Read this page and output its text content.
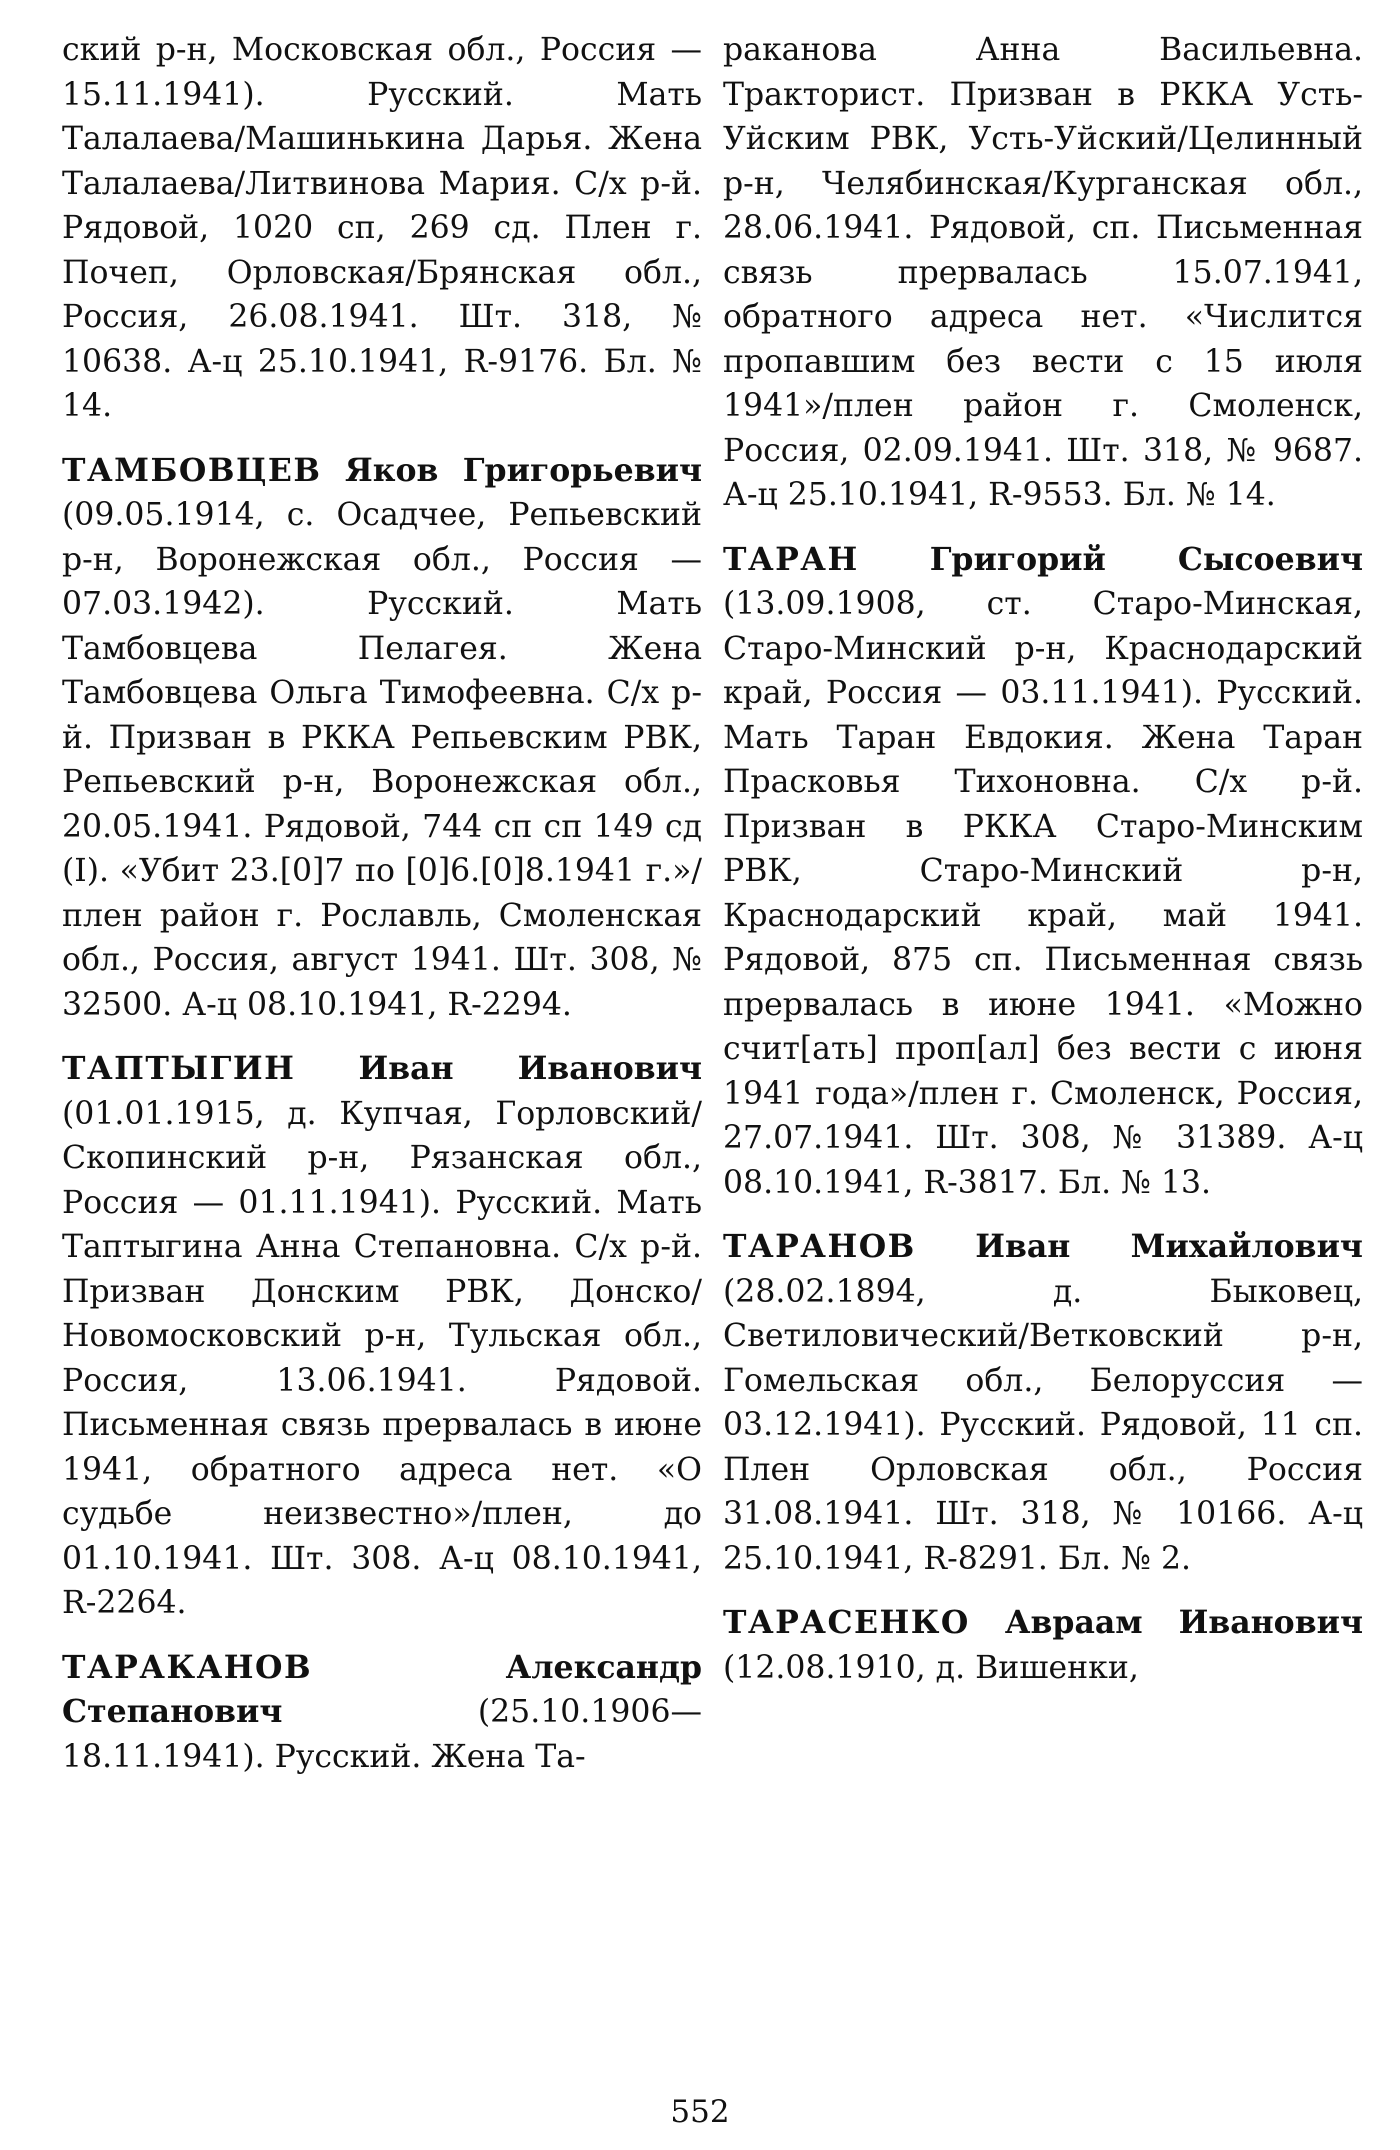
ский р-н, Московская обл., Россия — 15.11.1941). Русский. Мать Талалаева/Машинькина Дарья. Жена Талалаева/Литвинова Мария. С/х р-й. Рядовой, 1020 сп, 269 сд. Плен г. Почеп, Орловская/Брянская обл., Россия, 26.08.1941. Шт. 318, № 10638. А-ц 25.10.1941, R-9176. Бл. № 14.

ТАМБОВЦЕВ Яков Григорьевич (09.05.1914, с. Осадчее, Репьевский р-н, Воронежская обл., Россия — 07.03.1942). Русский. Мать Тамбовцева Пелагея. Жена Тамбовцева Ольга Тимофеевна. С/х р-й. Призван в РККА Репьевским РВК, Репьевский р-н, Воронежская обл., 20.05.1941. Рядовой, 744 сп сп 149 сд (I). «Убит 23.[0]7 по [0]6.[0]8.1941 г.»/плен район г. Рославль, Смоленская обл., Россия, август 1941. Шт. 308, № 32500. А-ц 08.10.1941, R-2294.

ТАПТЫГИН Иван Иванович (01.01.1915, д. Купчая, Горловский/Скопинский р-н, Рязанская обл., Россия — 01.11.1941). Русский. Мать Таптыгина Анна Степановна. С/х р-й. Призван Донским РВК, Донско/Новомосковский р-н, Тульская обл., Россия, 13.06.1941. Рядовой. Письменная связь прервалась в июне 1941, обратного адреса нет. «О судьбе неизвестно»/плен, до 01.10.1941. Шт. 308. А-ц 08.10.1941, R-2264.

ТАРАКАНОВ	Александр Степанович	(25.10.1906—18.11.1941). Русский. Жена Та-

раканова Анна Васильевна. Тракторист. Призван в РККА Усть-Уйским РВК, Усть-Уйский/Целинный р-н, Челябинская/Курганская обл., 28.06.1941. Рядовой, сп. Письменная связь прервалась 15.07.1941, обратного адреса нет. «Числится пропавшим без вести с 15 июля 1941»/плен район г. Смоленск, Россия, 02.09.1941. Шт. 318, № 9687. А-ц 25.10.1941, R-9553. Бл. № 14.

ТАРАН Григорий Сысоевич (13.09.1908, ст. Старо-Минская, Старо-Минский р-н, Краснодарский край, Россия — 03.11.1941). Русский. Мать Таран Евдокия. Жена Таран Прасковья Тихоновна. С/х р-й. Призван в РККА Старо-Минским РВК, Старо-Минский р-н, Краснодарский край, май 1941. Рядовой, 875 сп. Письменная связь прервалась в июне 1941. «Можно счит[ать] проп[ал] без вести с июня 1941 года»/плен г. Смоленск, Россия, 27.07.1941. Шт. 308, № 31389. А-ц 08.10.1941, R-3817. Бл. № 13.

ТАРАНОВ Иван Михайлович (28.02.1894, д. Быковец, Светиловический/Ветковский р-н, Гомельская обл., Белоруссия — 03.12.1941). Русский. Рядовой, 11 сп. Плен Орловская обл., Россия 31.08.1941. Шт. 318, № 10166. А-ц 25.10.1941, R-8291. Бл. № 2.

ТАРАСЕНКО Авраам Иванович (12.08.1910, д. Вишенки,

552
